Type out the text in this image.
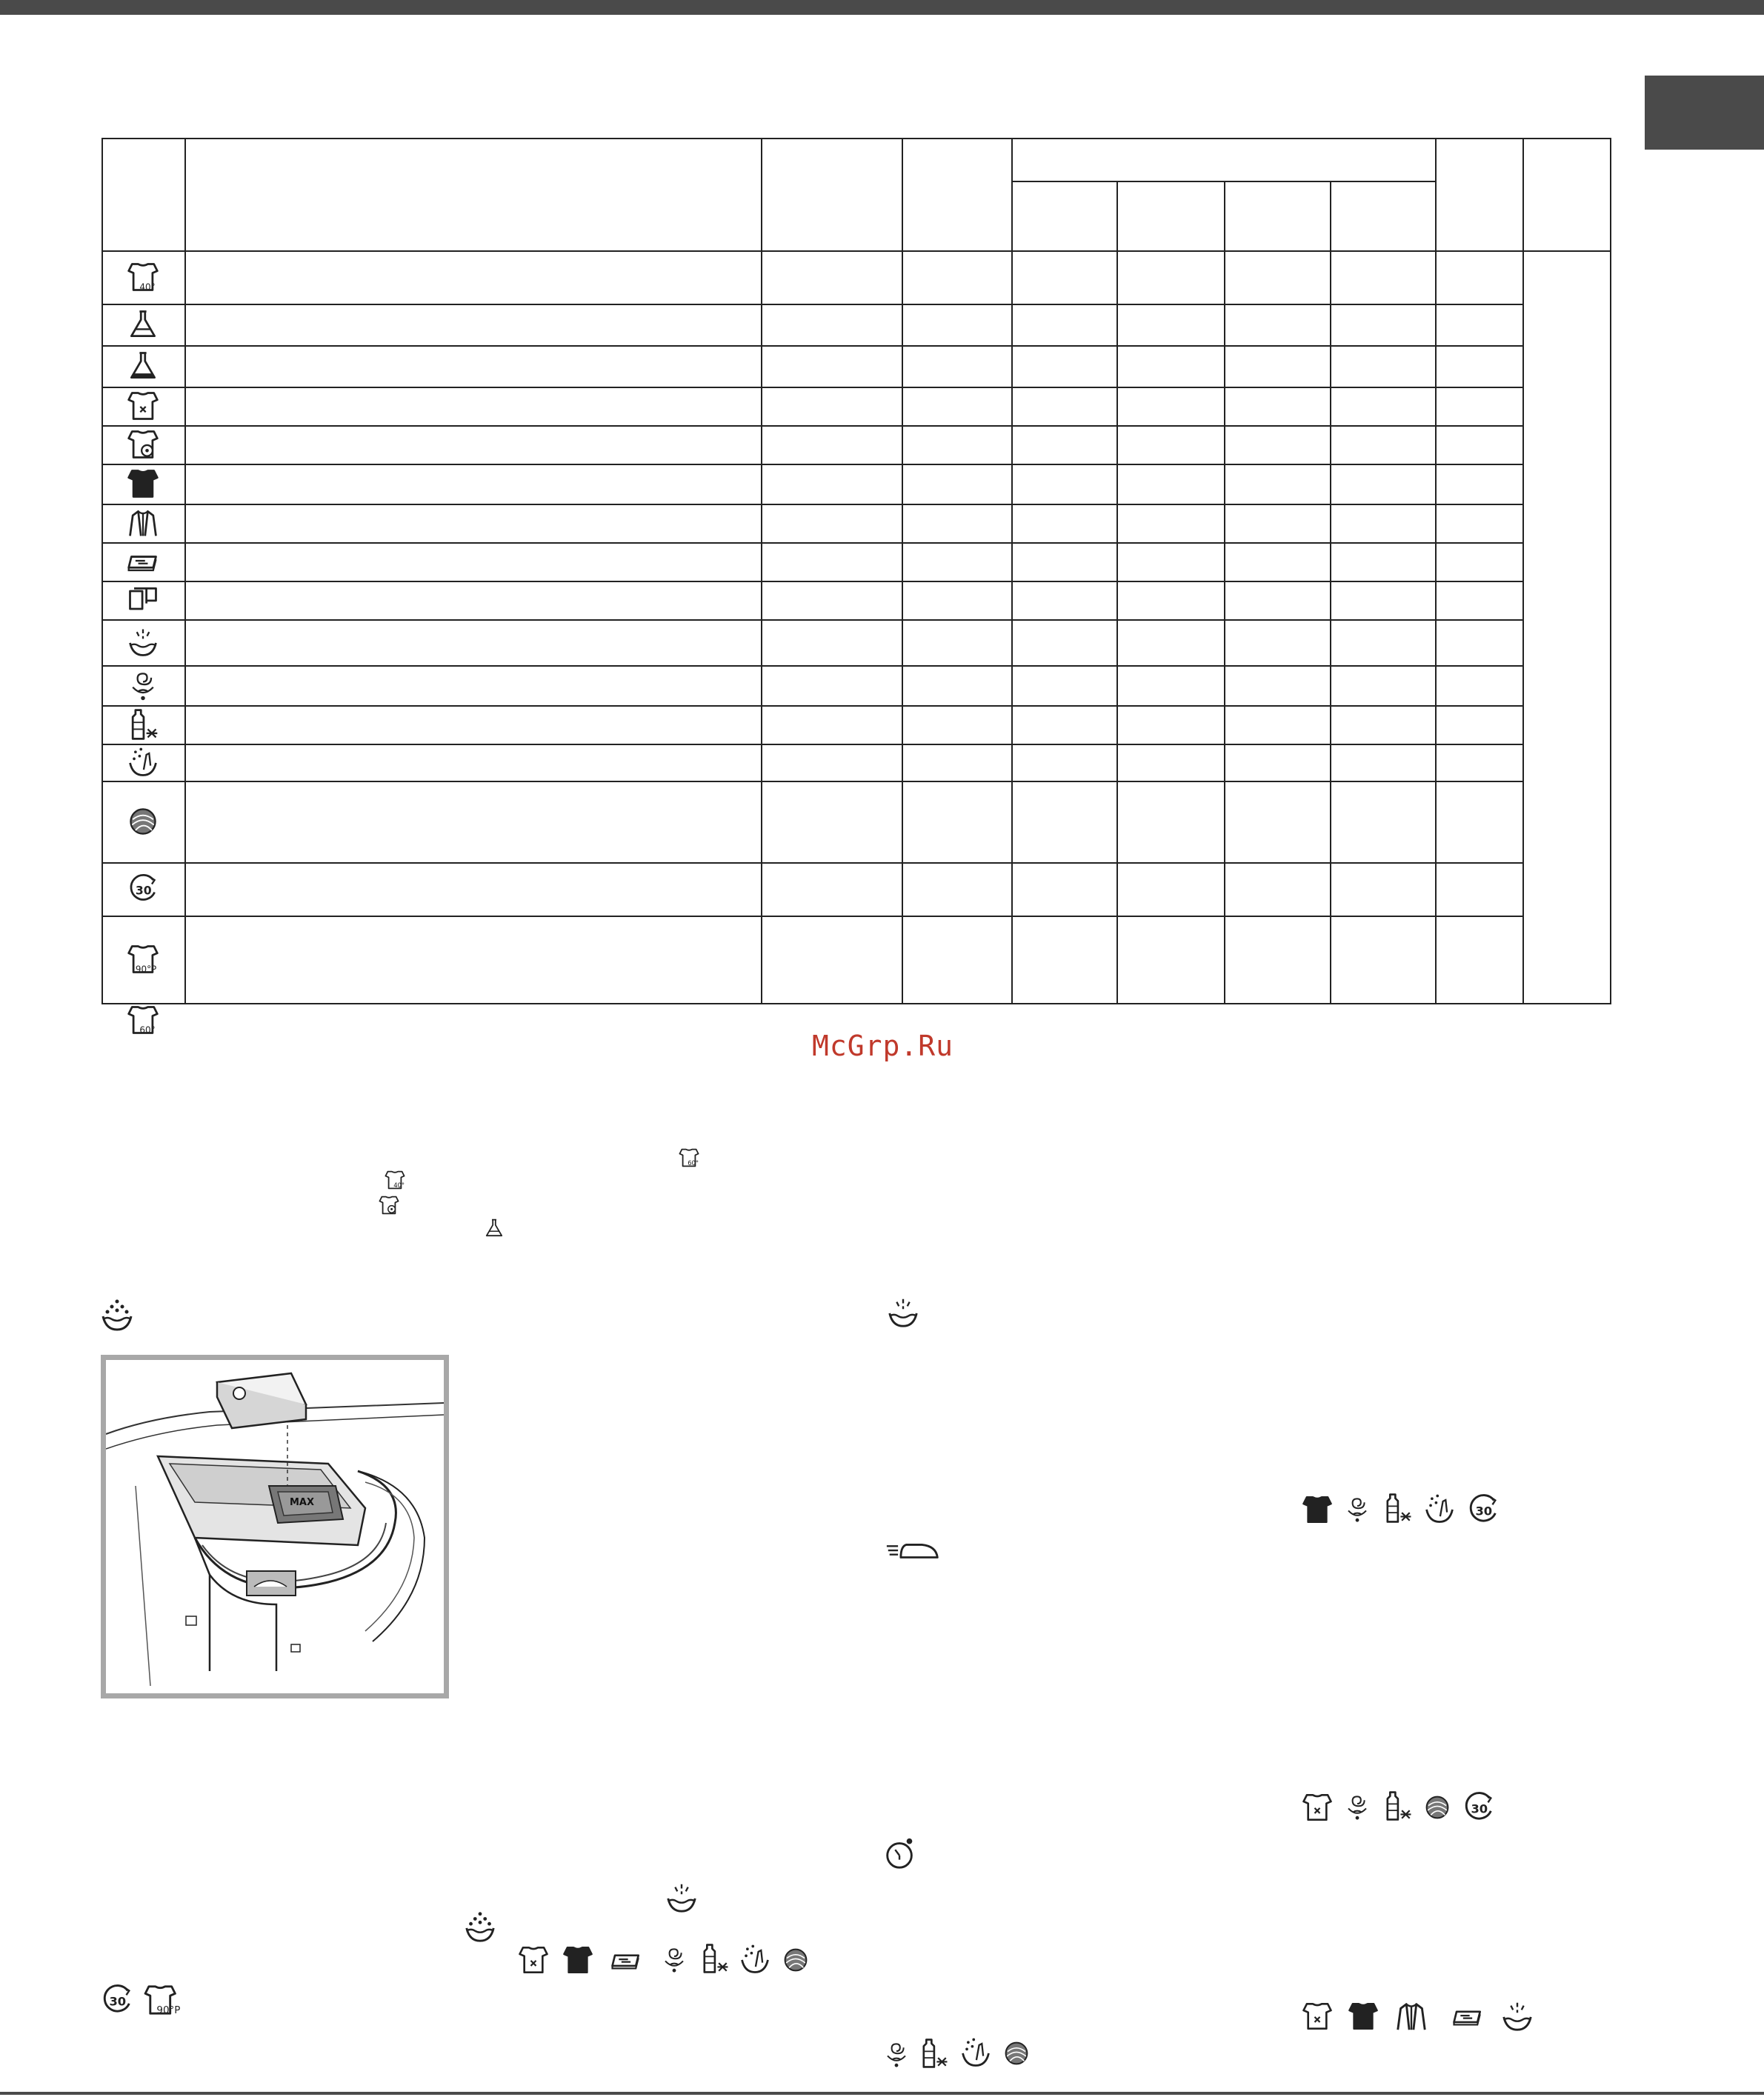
40°
30
90°P
60°	McGrp.Ru
60°
40°
30
30
30
90°P
MAX
